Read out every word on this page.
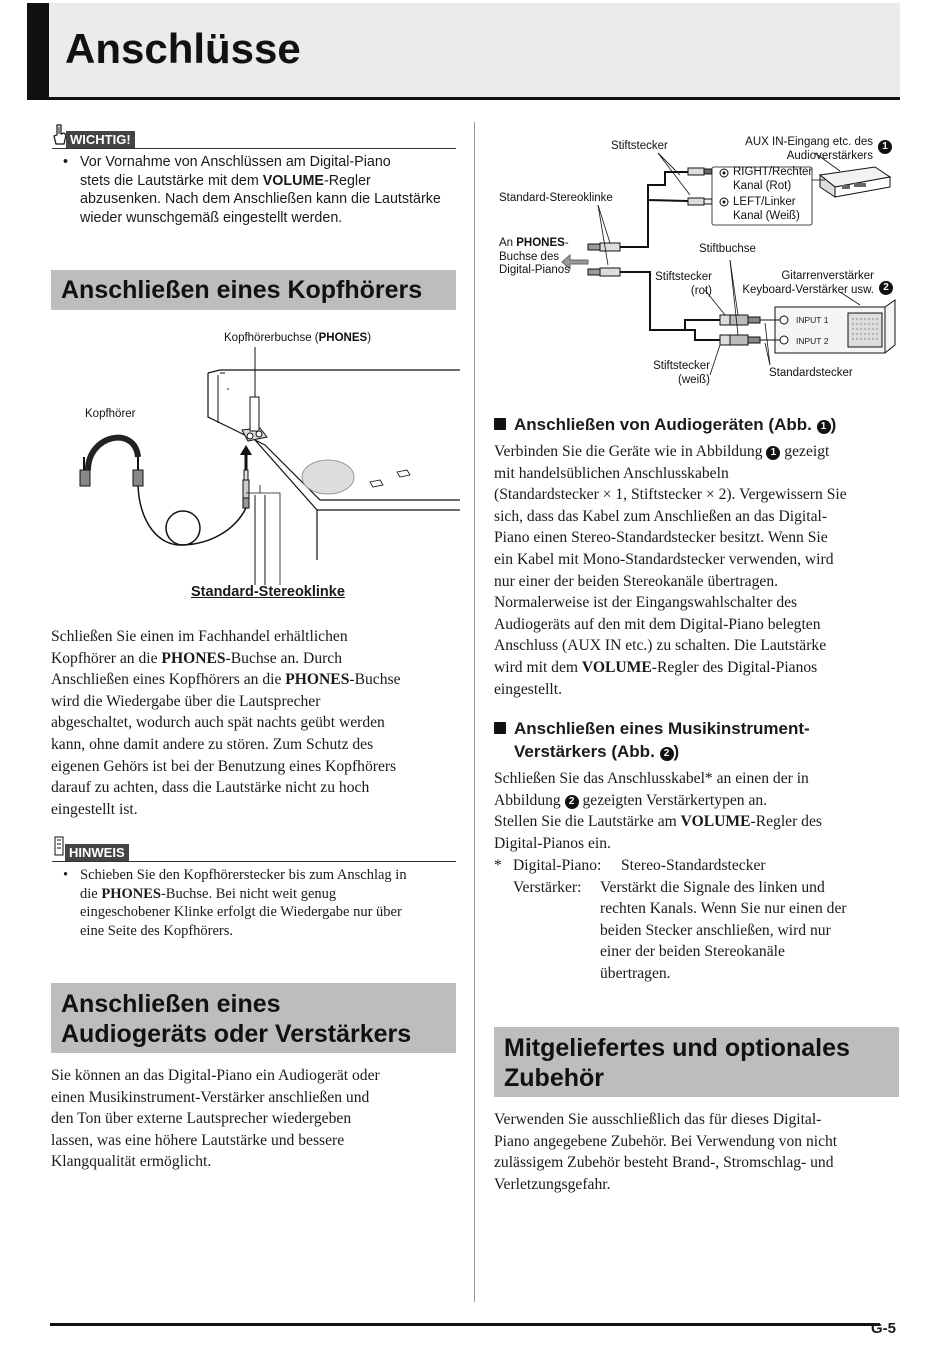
Anschlüsse
WICHTIG!
• Vor Vornahme von Anschlüssen am Digital-Piano
stets die Lautstärke mit dem VOLUME-Regler
abzusenken. Nach dem Anschließen kann die Lautstärke
wieder wunschgemäß eingestellt werden.
Anschließen eines Kopfhörers
Kopfhörerbuchse (PHONES)
Kopfhörer
Standard-Stereoklinke
Schließen Sie einen im Fachhandel erhältlichen
Kopfhörer an die PHONES-Buchse an. Durch
Anschließen eines Kopfhörers an die PHONES-Buchse
wird die Wiedergabe über die Lautsprecher
abgeschaltet, wodurch auch spät nachts geübt werden
kann, ohne damit andere zu stören. Zum Schutz des
eigenen Gehörs ist bei der Benutzung eines Kopfhörers
darauf zu achten, dass die Lautstärke nicht zu hoch
eingestellt ist.
HINWEIS
• Schieben Sie den Kopfhörerstecker bis zum Anschlag in
die PHONES-Buchse. Bei nicht weit genug
eingeschobener Klinke erfolgt die Wiedergabe nur über
eine Seite des Kopfhörers.
Anschließen eines
Audiogeräts oder Verstärkers
Sie können an das Digital-Piano ein Audiogerät oder
einen Musikinstrument-Verstärker anschließen und
den Ton über externe Lautsprecher wiedergeben
lassen, was eine höhere Lautstärke und bessere
Klangqualität ermöglicht.
Stiftstecker	AUX IN-Eingang etc. des
Audioverstärkers
1
RIGHT/Rechter
Kanal (Rot)
LEFT/Linker
Kanal (Weiß)
Standard-Stereoklinke
An PHONES-
Buchse des
Digital-Pianos
Stiftbuchse
Stiftstecker
(rot)
Gitarrenverstärker
Keyboard-Verstärker usw. 2
INPUT 1
INPUT 2
Stiftstecker
(weiß)
Standardstecker
Anschließen von Audiogeräten (Abb. 1 )
Verbinden Sie die Geräte wie in Abbildung 1 gezeigt
mit handelsüblichen Anschlusskabeln
(Standardstecker × 1, Stiftstecker × 2). Vergewissern Sie
sich, dass das Kabel zum Anschließen an das Digital-
Piano einen Stereo-Standardstecker besitzt. Wenn Sie
ein Kabel mit Mono-Standardstecker verwenden, wird
nur einer der beiden Stereokanäle übertragen.
Normalerweise ist der Eingangswahlschalter des
Audiogeräts auf den mit dem Digital-Piano belegten
Anschluss (AUX IN etc.) zu schalten. Die Lautstärke
wird mit dem VOLUME-Regler des Digital-Pianos
eingestellt.
Anschließen eines Musikinstrument-
Verstärkers (Abb. 2 )
Schließen Sie das Anschlusskabel* an einen der in
Abbildung 2 gezeigten Verstärkertypen an.
Stellen Sie die Lautstärke am VOLUME-Regler des
Digital-Pianos ein.
* Digital-Piano: Stereo-Standardstecker
Verstärker: Verstärkt die Signale des linken und
rechten Kanals. Wenn Sie nur einen der
beiden Stecker anschließen, wird nur
einer der beiden Stereokanäle
übertragen.
Mitgeliefertes und optionales
Zubehör
Verwenden Sie ausschließlich das für dieses Digital-
Piano angegebene Zubehör. Bei Verwendung von nicht
zulässigem Zubehör besteht Brand-, Stromschlag- und
Verletzungsgefahr.
G-5
